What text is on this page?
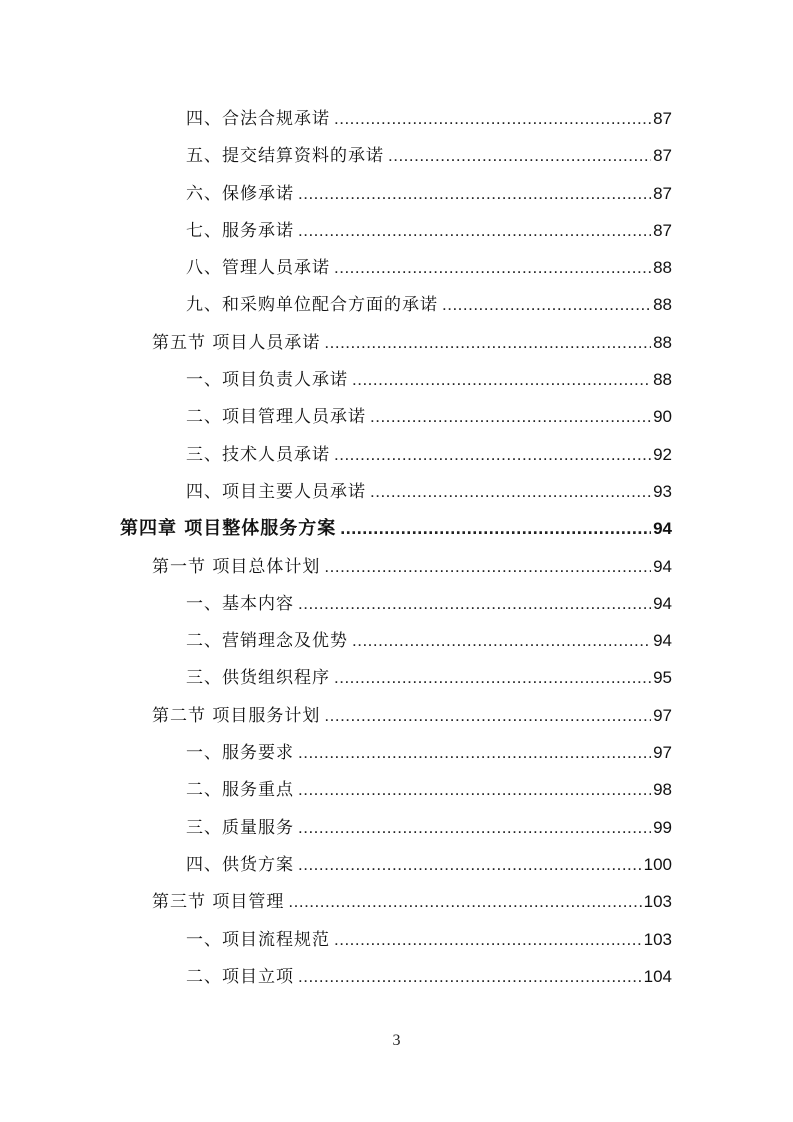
四、合法合规承诺 .....	87
五、提交结算资料的承诺 .....	87
六、保修承诺 .....	87
七、服务承诺 .....	87
八、管理人员承诺 .....	88
九、和采购单位配合方面的承诺 .....	88
第五节 项目人员承诺 .....	88
一、项目负责人承诺 .....	88
二、项目管理人员承诺 .....	90
三、技术人员承诺 .....	92
四、项目主要人员承诺 .....	93
第四章 项目整体服务方案 .....	94
第一节 项目总体计划 .....	94
一、基本内容 .....	94
二、营销理念及优势 .....	94
三、供货组织程序 .....	95
第二节 项目服务计划 .....	97
一、服务要求 .....	97
二、服务重点 .....	98
三、质量服务 .....	99
四、供货方案 .....	100
第三节 项目管理 .....	103
一、项目流程规范 .....	103
二、项目立项 .....	104
3
